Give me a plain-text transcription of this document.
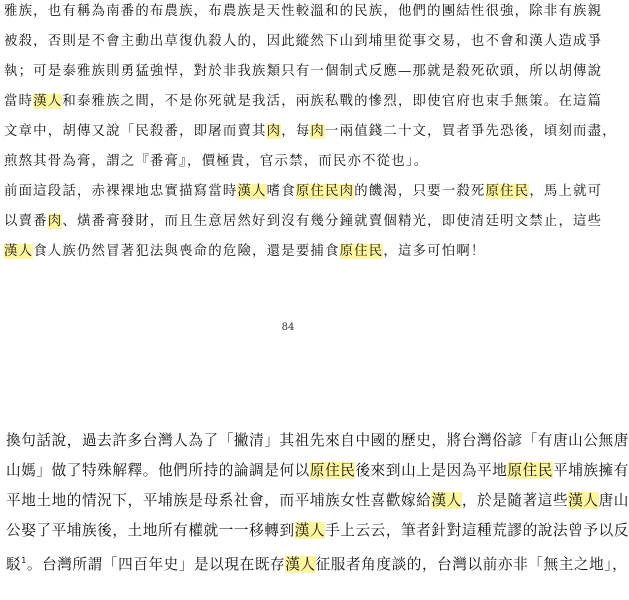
雅族，也有稱為南番的布農族，布農族是天性較溫和的民族，他們的團結性很強，除非有族親
被殺，否則是不會主動出草復仇殺人的，因此縱然下山到埔里從事交易，也不會和漢人造成爭
執；可是泰雅族則勇猛強悍，對於非我族類只有一個制式反應—那就是殺死砍頭，所以胡傳說
當時漢人和泰雅族之間，不是你死就是我活，兩族私戰的慘烈，即使官府也束手無策。在這篇
文章中，胡傳又說「民殺番，即屠而賣其肉，每肉一兩值錢二十文，買者爭先恐後，頃刻而盡，
煎熬其骨為膏，謂之『番膏』，價極貴，官示禁，而民亦不從也」。
前面這段話，赤裸裸地忠實描寫當時漢人嗜食原住民肉的饑渴，只要一殺死原住民，馬上就可
以賣番肉、熿番膏發財，而且生意居然好到沒有幾分鐘就賣個精光，即使清廷明文禁止，這些
漢人食人族仍然冒著犯法與喪命的危險，還是要捕食原住民，這多可怕啊！
84
換句話說，過去許多台灣人為了「撇清」其祖先來自中國的歷史，將台灣俗諺「有唐山公無唐
山媽」做了特殊解釋。他們所持的論調是何以原住民後來到山上是因為平地原住民平埔族擁有
平地土地的情況下，平埔族是母系社會，而平埔族女性喜歡嫁給漢人，於是隨著這些漢人唐山
公娶了平埔族後，土地所有權就一一移轉到漢人手上云云，筆者針對這種荒謬的說法曾予以反
駁$^1$。台灣所謂「四百年史」是以現在既存漢人征服者角度談的，台灣以前亦非「無主之地」，
